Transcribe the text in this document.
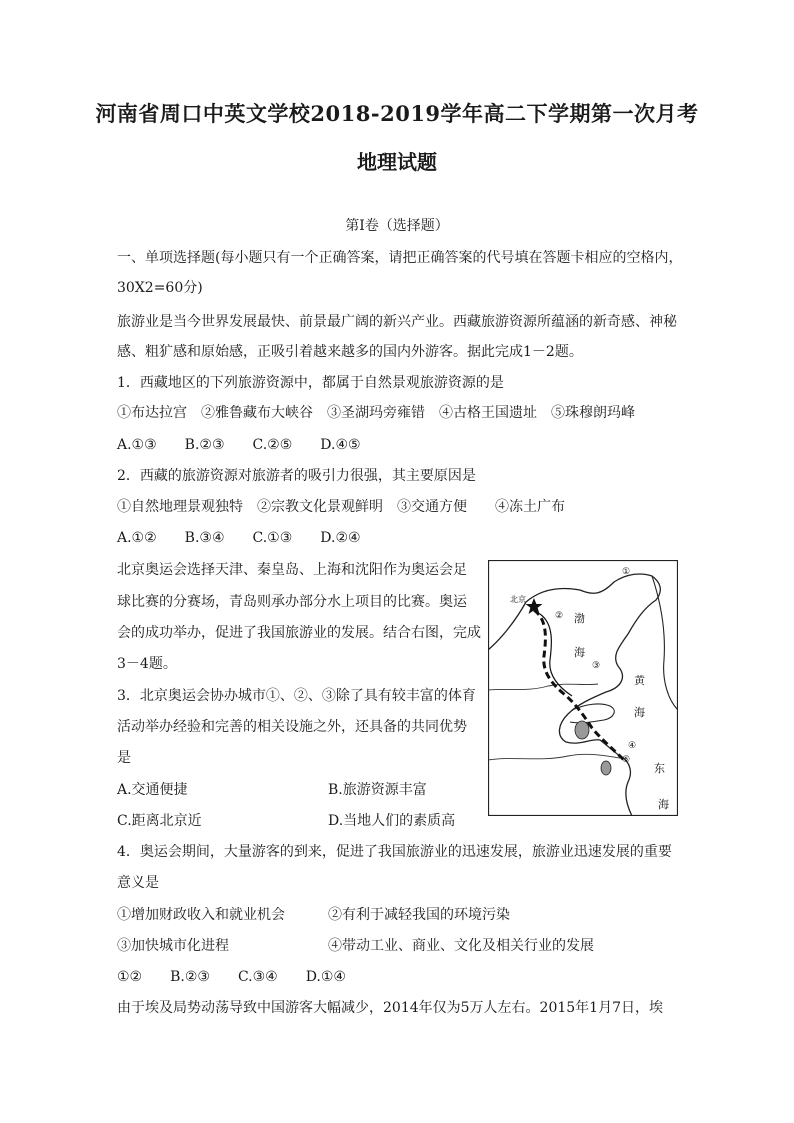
河南省周口中英文学校2018-2019学年高二下学期第一次月考
地理试题
第Ⅰ卷（选择题）
一、单项选择题(每小题只有一个正确答案，请把正确答案的代号填在答题卡相应的空格内，
30X2=60分)
旅游业是当今世界发展最快、前景最广阔的新兴产业。西藏旅游资源所蕴涵的新奇感、神秘
感、粗犷感和原始感，正吸引着越来越多的国内外游客。据此完成1－2题。
1．西藏地区的下列旅游资源中，都属于自然景观旅游资源的是
①布达拉宫　②雅鲁藏布大峡谷　③圣湖玛旁雍错　④古格王国遗址　⑤珠穆朗玛峰
A.①③　　B.②③　　C.②⑤　　D.④⑤
2．西藏的旅游资源对旅游者的吸引力很强，其主要原因是
①自然地理景观独特　②宗教文化景观鲜明　③交通方便　　④冻土广布
A.①②　　B.③④　　C.①③　　D.②④
北京奥运会选择天津、秦皇岛、上海和沈阳作为奥运会足
球比赛的分赛场，青岛则承办部分水上项目的比赛。奥运
会的成功举办，促进了我国旅游业的发展。结合右图，完成
3－4题。
3．北京奥运会协办城市①、②、③除了具有较丰富的体育
活动举办经验和完善的相关设施之外，还具备的共同优势
是
A.交通便捷	B.旅游资源丰富
C.距离北京近	D.当地人们的素质高
4．奥运会期间，大量游客的到来，促进了我国旅游业的迅速发展，旅游业迅速发展的重要
意义是
①增加财政收入和就业机会	②有利于减轻我国的环境污染
③加快城市化进程	④带动工业、商业、文化及相关行业的发展
①②　　B.②③　　C.③④　　D.①④
由于埃及局势动荡导致中国游客大幅减少，2014年仅为5万人左右。2015年1月7日，埃
北京
渤
海
黄
海
东
海
①
②
③
④
⑤
